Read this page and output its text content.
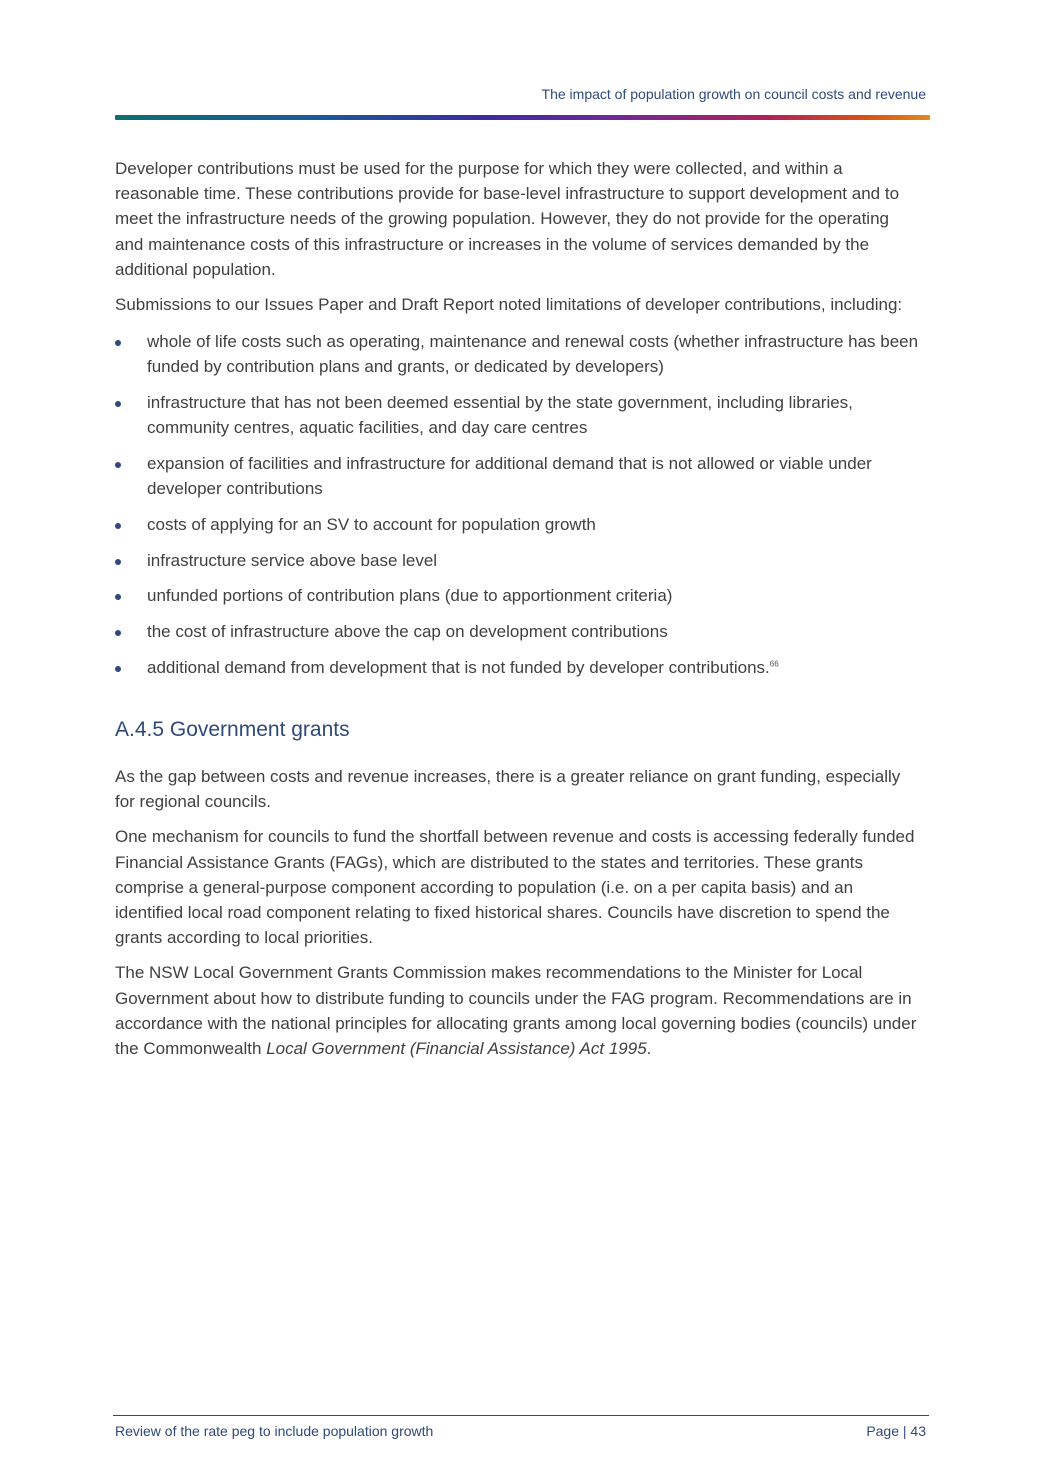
The impact of population growth on council costs and revenue

Developer contributions must be used for the purpose for which they were collected, and within a reasonable time. These contributions provide for base-level infrastructure to support development and to meet the infrastructure needs of the growing population. However, they do not provide for the operating and maintenance costs of this infrastructure or increases in the volume of services demanded by the additional population.

Submissions to our Issues Paper and Draft Report noted limitations of developer contributions, including:

whole of life costs such as operating, maintenance and renewal costs (whether infrastructure has been funded by contribution plans and grants, or dedicated by developers)
infrastructure that has not been deemed essential by the state government, including libraries, community centres, aquatic facilities, and day care centres
expansion of facilities and infrastructure for additional demand that is not allowed or viable under developer contributions
costs of applying for an SV to account for population growth
infrastructure service above base level
unfunded portions of contribution plans (due to apportionment criteria)
the cost of infrastructure above the cap on development contributions
additional demand from development that is not funded by developer contributions.$^{66}$
A.4.5 Government grants

As the gap between costs and revenue increases, there is a greater reliance on grant funding, especially for regional councils.

One mechanism for councils to fund the shortfall between revenue and costs is accessing federally funded Financial Assistance Grants (FAGs), which are distributed to the states and territories. These grants comprise a general-purpose component according to population (i.e. on a per capita basis) and an identified local road component relating to fixed historical shares. Councils have discretion to spend the grants according to local priorities.

The NSW Local Government Grants Commission makes recommendations to the Minister for Local Government about how to distribute funding to councils under the FAG program. Recommendations are in accordance with the national principles for allocating grants among local governing bodies (councils) under the Commonwealth Local Government (Financial Assistance) Act 1995.

Review of the rate peg to include population growth	Page | 43
